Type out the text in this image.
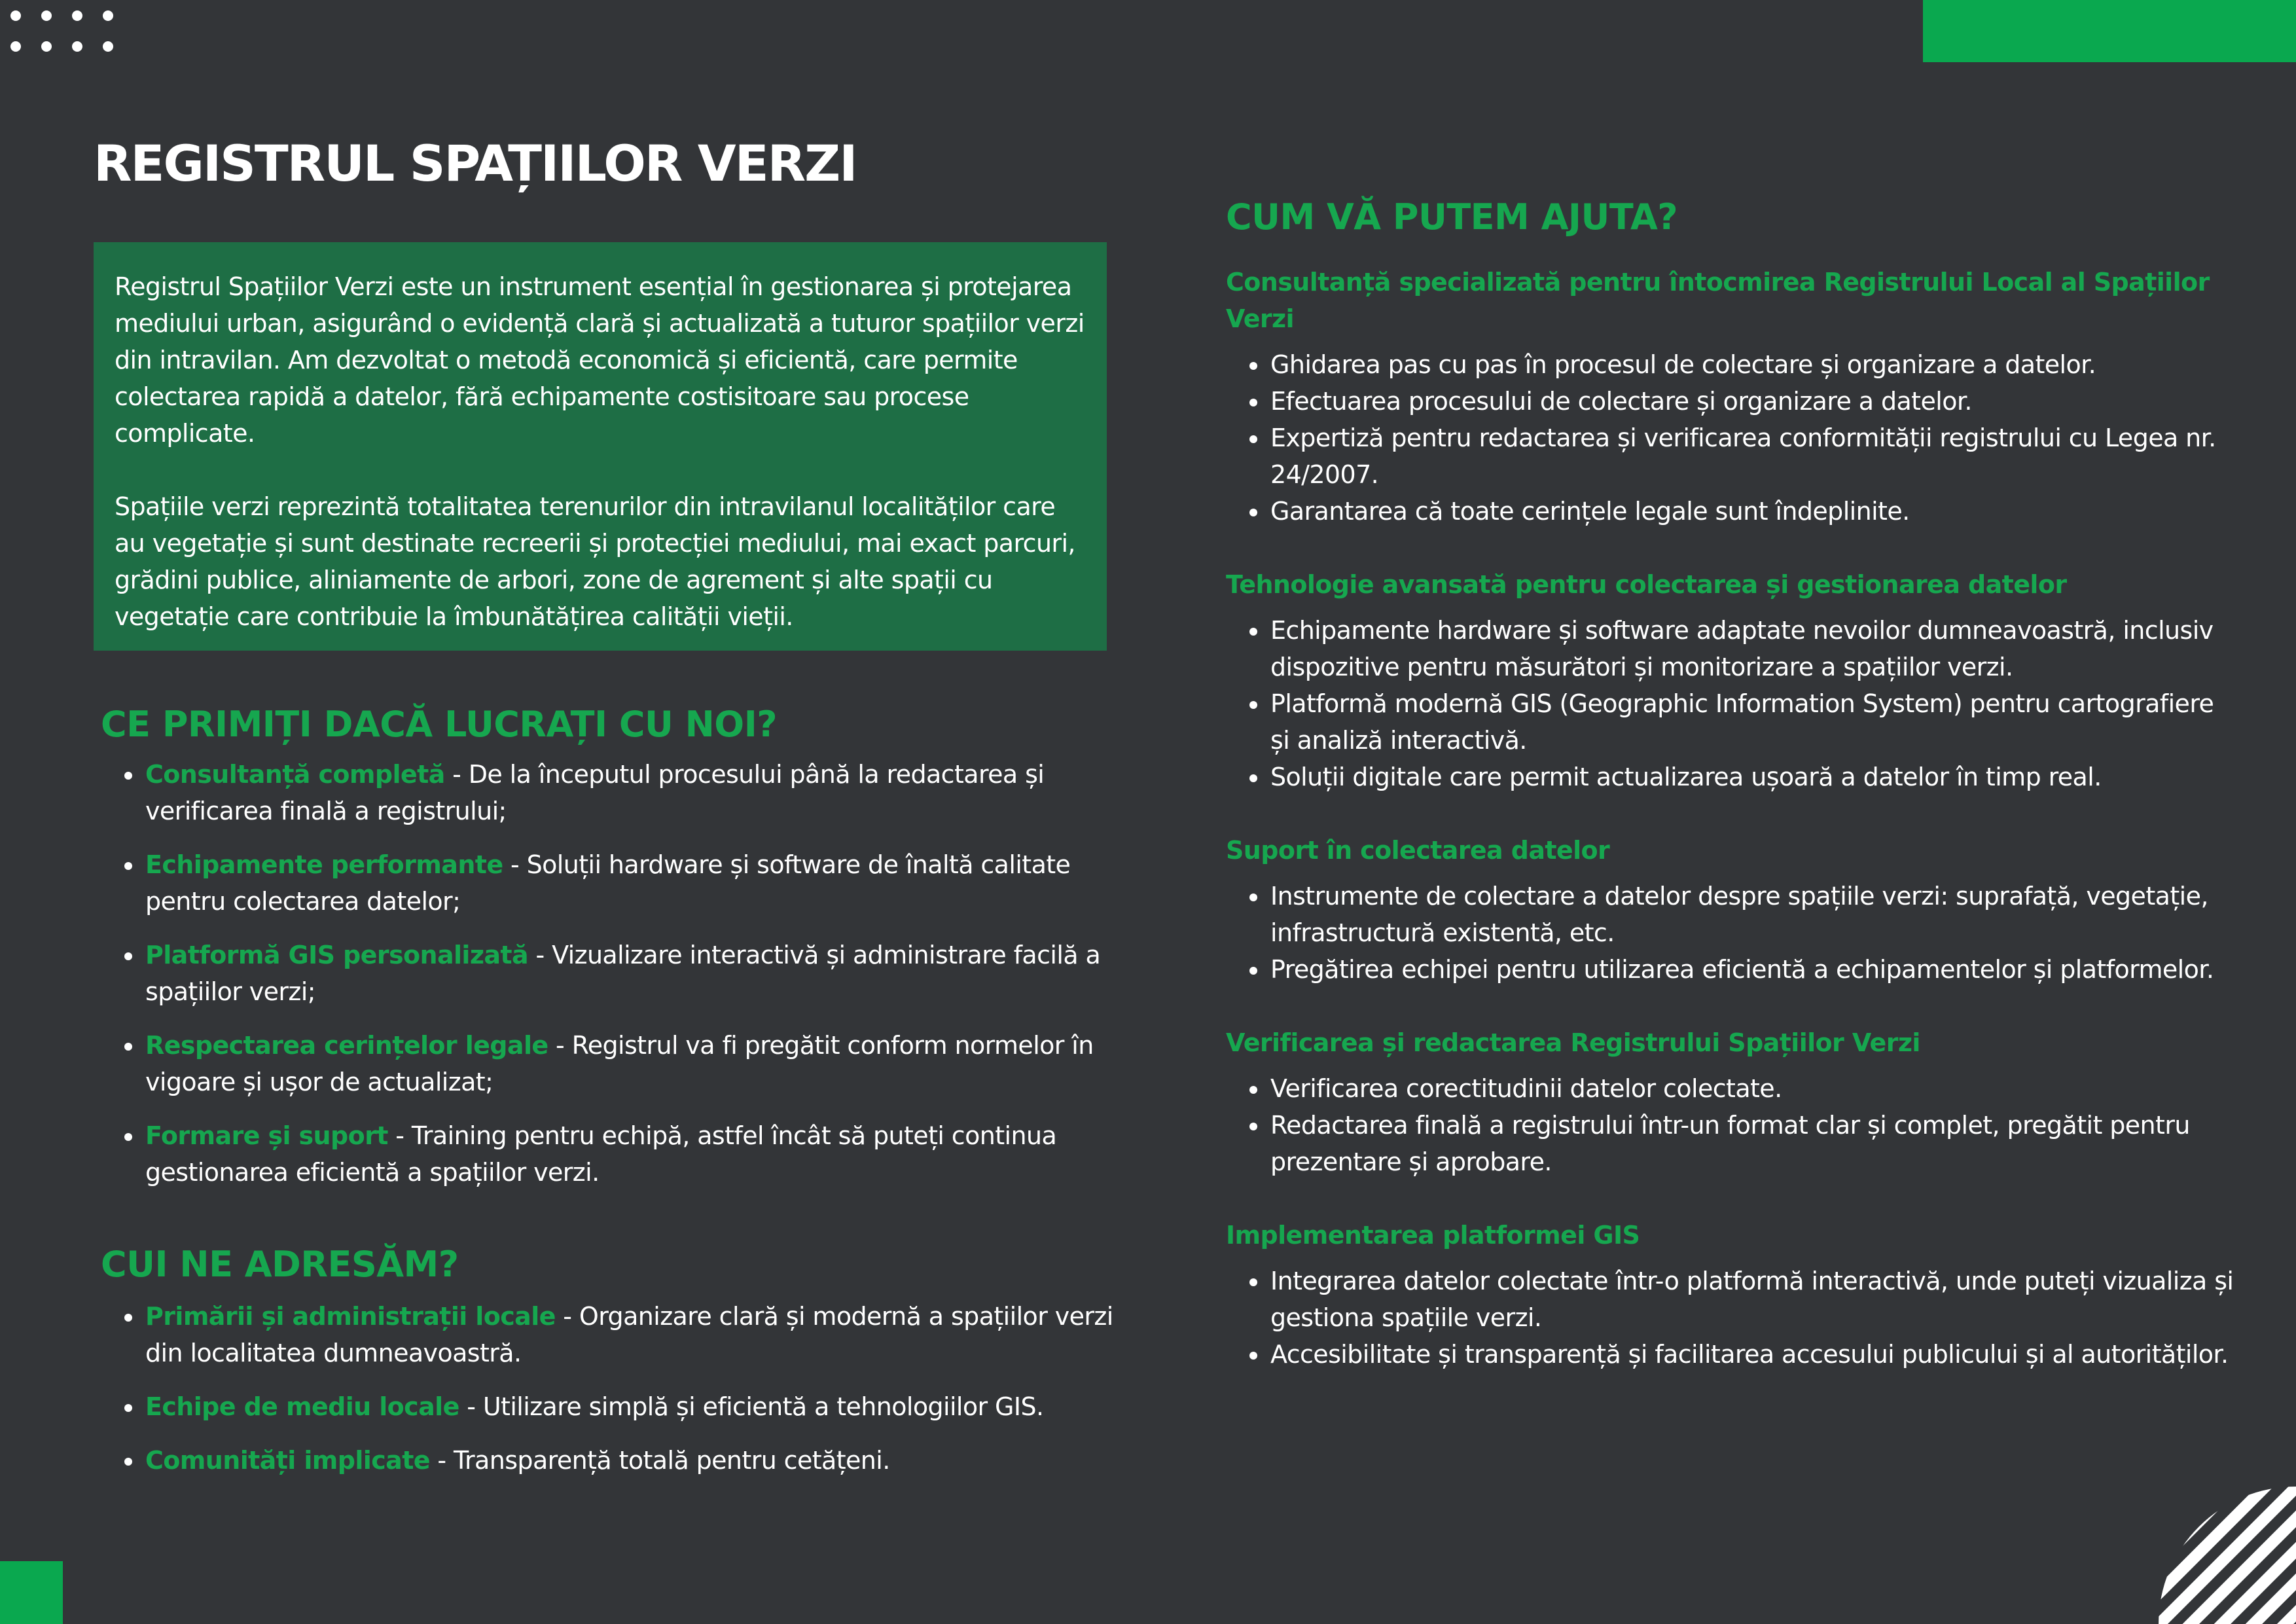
REGISTRUL SPAȚIILOR VERZI

Registrul Spațiilor Verzi este un instrument esențial în gestionarea și protejarea mediului urban, asigurând o evidență clară și actualizată a tuturor spațiilor verzi din intravilan. Am dezvoltat o metodă economică și eficientă, care permite colectarea rapidă a datelor, fără echipamente costisitoare sau procese complicate.

Spațiile verzi reprezintă totalitatea terenurilor din intravilanul localităților care au vegetație și sunt destinate recreerii și protecției mediului, mai exact parcuri, grădini publice, aliniamente de arbori, zone de agrement și alte spații cu vegetație care contribuie la îmbunătățirea calității vieții.

CE PRIMIȚI DACĂ LUCRAȚI CU NOI?
Consultanță completă - De la începutul procesului până la redactarea și verificarea finală a registrului;
Echipamente performante - Soluții hardware și software de înaltă calitate pentru colectarea datelor;
Platformă GIS personalizată - Vizualizare interactivă și administrare facilă a spațiilor verzi;
Respectarea cerințelor legale - Registrul va fi pregătit conform normelor în vigoare și ușor de actualizat;
Formare și suport - Training pentru echipă, astfel încât să puteți continua gestionarea eficientă a spațiilor verzi.
CUI NE ADRESĂM?
Primării și administrații locale - Organizare clară și modernă a spațiilor verzi din localitatea dumneavoastră.
Echipe de mediu locale - Utilizare simplă și eficientă a tehnologiilor GIS.
Comunități implicate - Transparență totală pentru cetățeni.
CUM VĂ PUTEM AJUTA?
Consultanță specializată pentru întocmirea Registrului Local al Spațiilor Verzi
Ghidarea pas cu pas în procesul de colectare și organizare a datelor.
Efectuarea procesului de colectare și organizare a datelor.
Expertiză pentru redactarea și verificarea conformității registrului cu Legea nr. 24/2007.
Garantarea că toate cerințele legale sunt îndeplinite.
Tehnologie avansată pentru colectarea și gestionarea datelor
Echipamente hardware și software adaptate nevoilor dumneavoastră, inclusiv dispozitive pentru măsurători și monitorizare a spațiilor verzi.
Platformă modernă GIS (Geographic Information System) pentru cartografiere și analiză interactivă.
Soluții digitale care permit actualizarea ușoară a datelor în timp real.
Suport în colectarea datelor
Instrumente de colectare a datelor despre spațiile verzi: suprafață, vegetație, infrastructură existentă, etc.
Pregătirea echipei pentru utilizarea eficientă a echipamentelor și platformelor.
Verificarea și redactarea Registrului Spațiilor Verzi
Verificarea corectitudinii datelor colectate.
Redactarea finală a registrului într-un format clar și complet, pregătit pentru prezentare și aprobare.
Implementarea platformei GIS
Integrarea datelor colectate într-o platformă interactivă, unde puteți vizualiza și gestiona spațiile verzi.
Accesibilitate și transparență și facilitarea accesului publicului și al autorităților.
